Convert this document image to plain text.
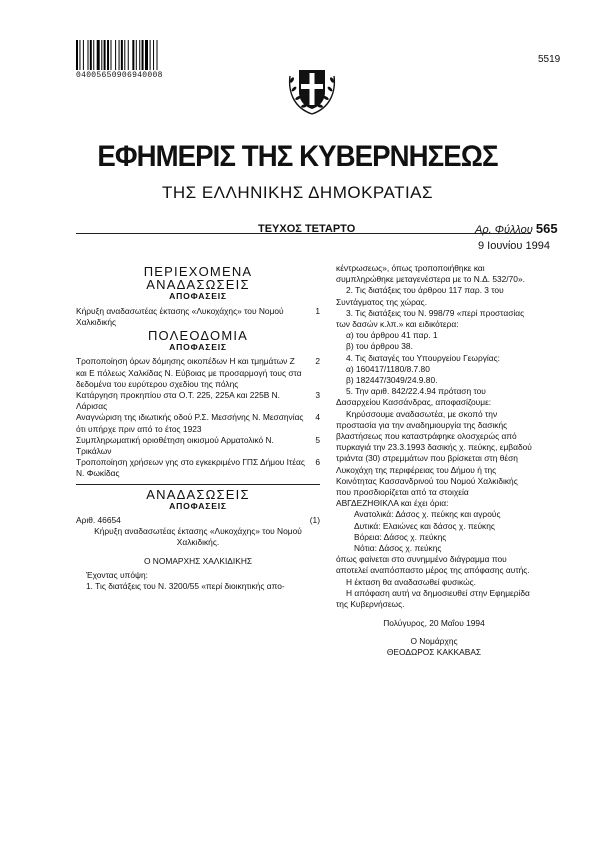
04005650906940008
5519
ΕΦΗΜΕΡΙΣ ΤΗΣ ΚΥΒΕΡΝΗΣΕΩΣ
ΤΗΣ ΕΛΛΗΝΙΚΗΣ ΔΗΜΟΚΡΑΤΙΑΣ
ΤΕΥΧΟΣ ΤΕΤΑΡΤΟ	Αρ. Φύλλου 565
9 Ιουνίου 1994
ΠΕΡΙΕΧΟΜΕΝΑ
ΑΝΑΔΑΣΩΣΕΙΣ
ΑΠΟΦΑΣΕΙΣ
Κήρυξη αναδασωτέας έκτασης «Λυκοχάχης» του Νομού Χαλκιδικής
1
ΠΟΛΕΟΔΟΜΙΑ
ΑΠΟΦΑΣΕΙΣ
Τροποποίηση όρων δόμησης οικοπέδων Η και τμημάτων Ζ και Ε πόλεως Χαλκίδας Ν. Εύβοιας με προσαρμογή τους στα δεδομένα του ευρύτερου σχεδίου της πόλης
2
Κατάργηση προκηπίου στα Ο.Τ. 225, 225Α και 225Β Ν. Λάρισας
3
Αναγνώριση της ιδιωτικής οδού Ρ.Σ. Μεσσήνης Ν. Μεσσηνίας ότι υπήρχε πριν από το έτος 1923
4
Συμπληρωματική οριοθέτηση οικισμού Αρματολικό Ν. Τρικάλων
5
Τροποποίηση χρήσεων γης στο εγκεκριμένο ΓΠΣ Δήμου Ιτέας Ν. Φωκίδας
6
ΑΝΑΔΑΣΩΣΕΙΣ
ΑΠΟΦΑΣΕΙΣ
Αριθ. 46654	(1)
Κήρυξη αναδασωτέας έκτασης «Λυκοχάχης» του Νομού Χαλκιδικής.
Ο ΝΟΜΑΡΧΗΣ ΧΑΛΚΙΔΙΚΗΣ

Έχοντας υπόψη:

1. Τις διατάξεις του Ν. 3200/55 «περί διοικητικής απο-

κέντρωσεως», όπως τροποποιήθηκε και συμπληρώθηκε μεταγενέστερα με το Ν.Δ. 532/70».

2. Τις διατάξεις του άρθρου 117 παρ. 3 του Συντάγματος της χώρας.

3. Τις διατάξεις του Ν. 998/79 «περί προστασίας των δασών κ.λπ.» και ειδικότερα:

α) του άρθρου 41 παρ. 1

β) του άρθρου 38.

4. Τις διαταγές του Υπουργείου Γεωργίας:

α) 160417/1180/8.7.80

β) 182447/3049/24.9.80.

5. Την αριθ. 842/22.4.94 πρόταση του Δασαρχείου Κασσάνδρας, αποφασίζουμε:

Κηρύσσουμε αναδασωτέα, με σκοπό την προστασία για την αναδημιουργία της δασικής βλαστήσεως που καταστράφηκε ολοσχερώς από πυρκαγιά την 23.3.1993 δασικής χ. πεύκης, εμβαδού τριάντα (30) στρεμμάτων που βρίσκεται στη θέση Λυκοχάχη της περιφέρειας του Δήμου ή της Κοινότητας Κασσανδρινού του Νομού Χαλκιδικής που προσδιορίζεται από τα στοιχεία ΑΒΓΔΕΖΗΘΙΚΛΑ και έχει όρια:

Ανατολικά: Δάσος χ. πεύκης και αγρούς

Δυτικά: Ελαιώνες και δάσος χ. πεύκης

Βόρεια: Δάσος χ. πεύκης

Νότια: Δάσος χ. πεύκης

όπως φαίνεται στο συνημμένο διάγραμμα που αποτελεί αναπόσπαστο μέρος της απόφασης αυτής.

Η έκταση θα αναδασωθεί φυσικώς.

Η απόφαση αυτή να δημοσιευθεί στην Εφημερίδα της Κυβερνήσεως.

Πολύγυρος, 20 Μαΐου 1994
Ο Νομάρχης
ΘΕΟΔΩΡΟΣ ΚΑΚΚΑΒΑΣ
